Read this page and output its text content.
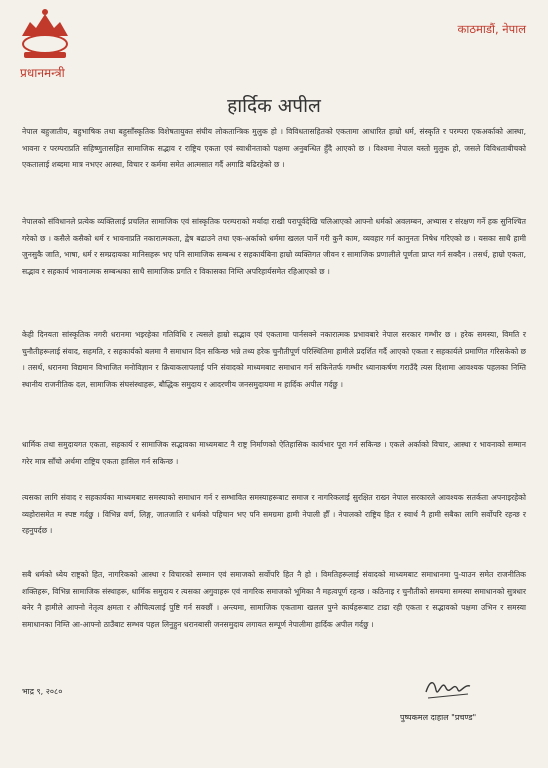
प्रधानमन्त्री
काठमाडौं, नेपाल
हार्दिक अपील

नेपाल बहुजातीय, बहुभाषिक तथा बहुसाँस्कृतिक विशेषतायुक्त संघीय लोकतान्त्रिक मुलुक हो । विविधतासहितको एकतामा आधारित हाम्रो धर्म, संस्कृति र परम्परा एकअर्काको आस्था, भावना र परम्पराप्रति सहिष्णुतासहित सामाजिक सद्भाव र राष्ट्रिय एकता एवं स्वाधीनताको पक्षमा अनुबन्धित हुँदै आएको छ । विश्वमा नेपाल यस्तो मुलुक हो, जसले विविधताबीचको एकतालाई शब्दमा मात्र नभएर आस्था, विचार र कर्ममा समेत आत्मसात गर्दै अगाडि बढिरहेको छ ।

नेपालको संविधानले प्रत्येक व्यक्तिलाई प्रचलित सामाजिक एवं सांस्कृतिक परम्पराको मर्यादा राखी परापूर्वदेखि चलिआएको आफ्नो धर्मको अवलम्बन, अभ्यास र संरक्षण गर्ने हक सुनिश्चित गरेको छ । कसैले कसैको धर्म र भावनाप्रति नकारात्मकता, द्वेष बढाउने तथा एक-अर्काको धर्ममा खलल पार्ने गरी कुनै काम, व्यवहार गर्न कानुनतः निषेध गरिएको छ । यसका साथै हामी जुनसुकै जाति, भाषा, धर्म र सम्प्रदायका मानिसहरू भए पनि सामाजिक सम्बन्ध र सहकार्यबिना हाम्रो व्यक्तिगत जीवन र सामाजिक प्रणालीले पूर्णता प्राप्त गर्न सक्दैन । तसर्थ, हाम्रो एकता, सद्भाव र सहकार्य भावनात्मक सम्बन्धका साथै सामाजिक प्रगति र विकासका निम्ति अपरिहार्यसमेत रहिआएको छ ।

केही दिनयता सांस्कृतिक नगरी धरानमा भइरहेका गतिविधि र त्यसले हाम्रो सद्भाव एवं एकतामा पार्नसक्ने नकारात्मक प्रभावबारे नेपाल सरकार गम्भीर छ । हरेक समस्या, विमति र चुनौतीहरूलाई संवाद, सहमति, र सहकार्यको बलमा नै समाधान दिन सकिन्छ भन्ने तथ्य हरेक चुनौतीपूर्ण परिस्थितिमा हामीले प्रदर्शित गर्दै आएको एकता र सहकार्यले प्रमाणित गरिसकेको छ । तसर्थ, धरानमा विद्यमान विभाजित मनोविज्ञान र क्रियाकलापलाई पनि संवादको माध्यमबाट समाधान गर्न सकिनेतर्फ गम्भीर ध्यानाकर्षण गराउँदै त्यस दिशामा आवश्यक पहलका निम्ति स्थानीय राजनीतिक दल, सामाजिक संघसंस्थाहरू, बौद्धिक समुदाय र आदरणीय जनसमुदायमा म हार्दिक अपील गर्दछु ।

धार्मिक तथा समुदायगत एकता, सहकार्य र सामाजिक सद्भावका माध्यमबाट नै राष्ट्र निर्माणको ऐतिहासिक कार्यभार पूरा गर्न सकिन्छ । एकले अर्काको विचार, आस्था र भावनाको सम्मान गरेर मात्र साँचो अर्थमा राष्ट्रिय एकता हासिल गर्न सकिन्छ ।

त्यसका लागि संवाद र सहकार्यका माध्यमबाट समस्याको समाधान गर्न र सम्भावित समस्याहरूबाट समाज र नागरिकलाई सुरक्षित राख्न नेपाल सरकारले आवश्यक सतर्कता अपनाइरहेको व्यहोरासमेत म स्पष्ट गर्दछु । विभिन्न वर्ण, लिङ्ग, जातजाति र धर्मको पहिचान भए पनि समग्रमा हामी नेपाली हौँ । नेपालको राष्ट्रिय हित र स्वार्थ नै हामी सबैका लागि सर्वोपरि रहन्छ र रहनुपर्दछ ।

सबै धर्मको ध्येय राष्ट्रको हित, नागरिकको आस्था र विचारको सम्मान एवं समाजको सर्वोपरि हित नै हो । विमतिहरूलाई संवादको माध्यमबाट समाधानमा पु-याउन समेत राजनीतिक शक्तिहरू, विभिन्न सामाजिक संस्थाहरू, धार्मिक समुदाय र त्यसका अगुवाहरू एवं नागरिक समाजको भूमिका नै महत्वपूर्ण रहन्छ । कठिनाइ र चुनौतीको समयमा समस्या समाधानको सुत्रधार बनेर नै हामीले आफ्नो नेतृत्व क्षमता र औचित्यलाई पुष्टि गर्न सक्छौं । अन्त्यमा, सामाजिक एकतामा खलल पुग्ने कार्यहरूबाट टाढा रही एकता र सद्भावको पक्षमा उभिन र समस्या समाधानका निम्ति आ-आफ्नो ठाउँबाट सम्भव पहल लिनुहुन धरानबासी जनसमुदाय लगायत सम्पूर्ण नेपालीमा हार्दिक अपील गर्दछु ।

भाद्र ९, २०८०
पुष्पकमल दाहाल "प्रचण्ड"
